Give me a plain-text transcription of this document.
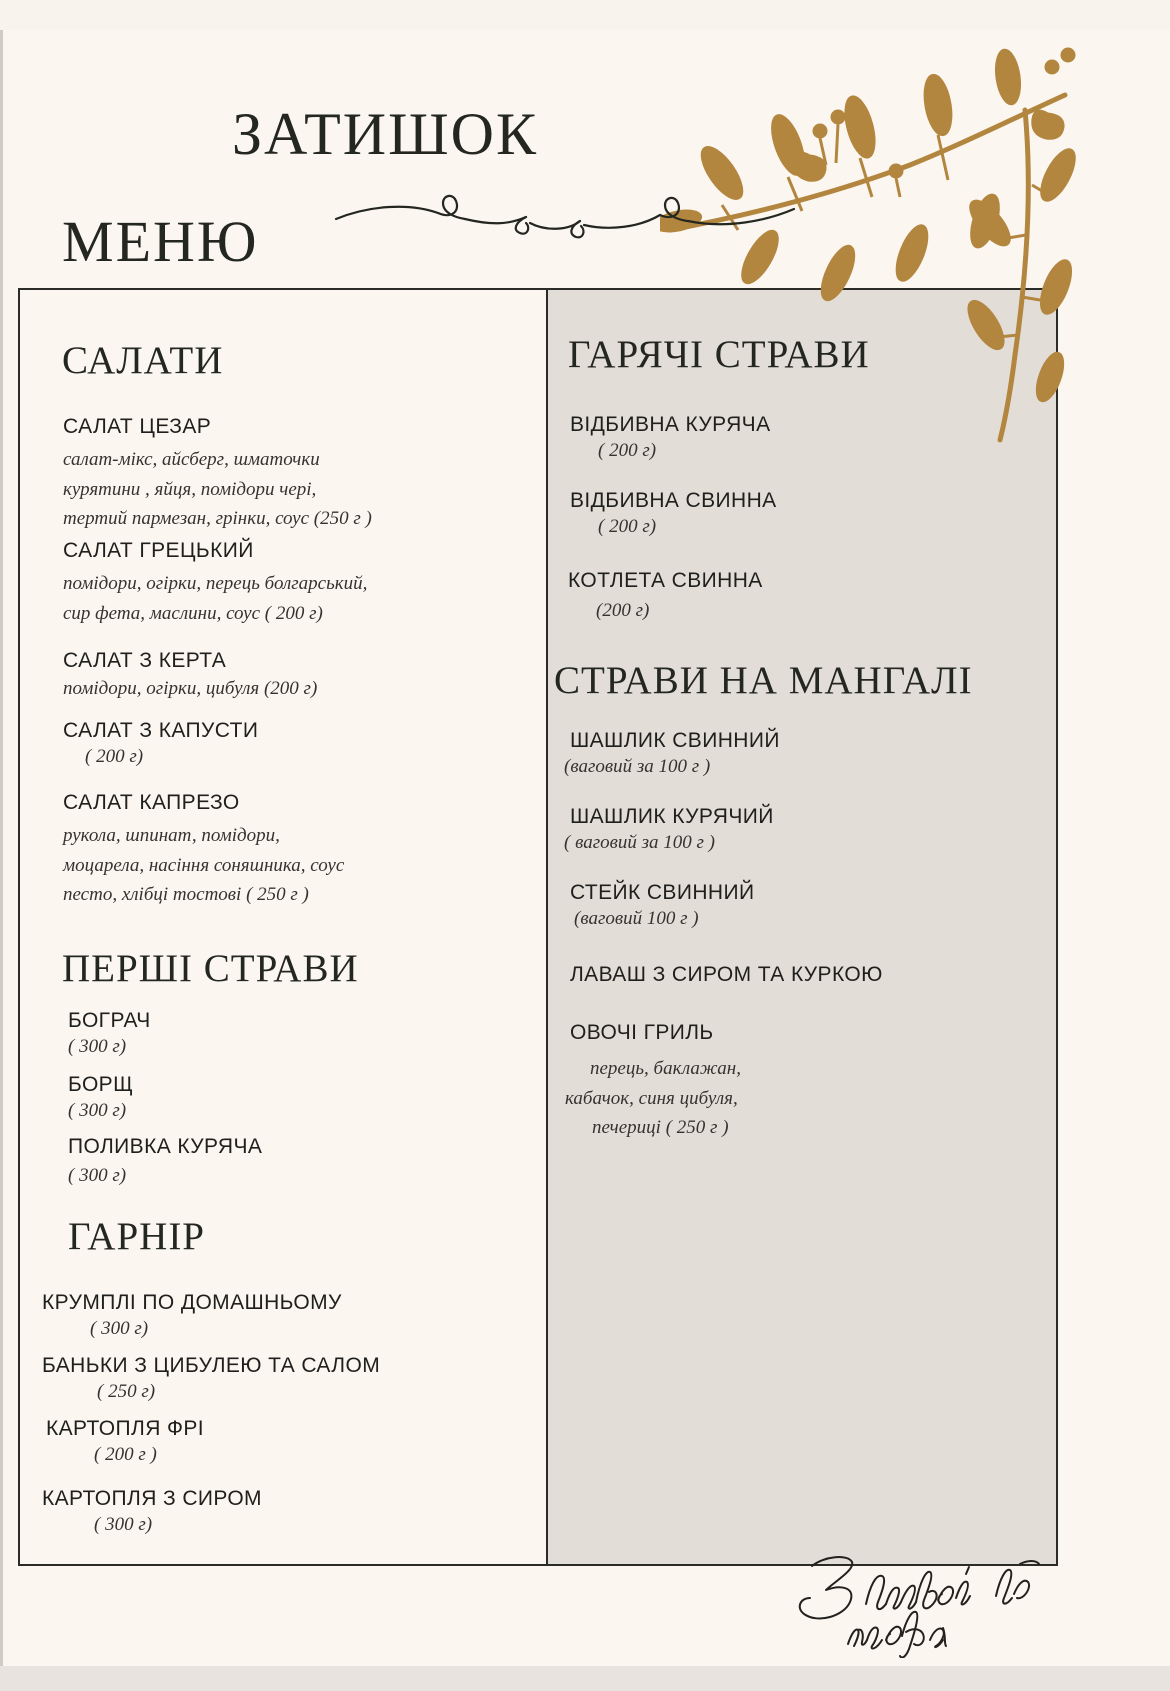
ЗАТИШОК
МЕНЮ
САЛАТИ
САЛАТ ЦЕЗАР
салат-мікс, айсберг, шматочки
курятини , яйця, помідори чері,
тертий пармезан, грінки, соус (250 г )
САЛАТ ГРЕЦЬКИЙ
помідори, огірки, перець болгарський,
сир фета, маслини, соус ( 200 г)
САЛАТ З КЕРТА
помідори, огірки, цибуля (200 г)
САЛАТ З КАПУСТИ
( 200 г)
САЛАТ КАПРЕЗО
рукола, шпинат, помідори,
моцарела, насіння соняшника, соус
песто, хлібці тостові ( 250 г )
ПЕРШІ СТРАВИ
БОГРАЧ
( 300 г)
БОРЩ
( 300 г)
ПОЛИВКА КУРЯЧА
( 300 г)
ГАРНІР
КРУМПЛІ ПО ДОМАШНЬОМУ
( 300 г)
БАНЬКИ З ЦИБУЛЕЮ ТА САЛОМ
( 250 г)
КАРТОПЛЯ ФРІ
( 200 г )
КАРТОПЛЯ З СИРОМ
( 300 г)
ГАРЯЧІ СТРАВИ
ВІДБИВНА КУРЯЧА
( 200 г)
ВІДБИВНА СВИННА
( 200 г)
КОТЛЕТА СВИННА
(200 г)
СТРАВИ НА МАНГАЛІ
ШАШЛИК СВИННИЙ
(ваговий за 100 г )
ШАШЛИК КУРЯЧИЙ
( ваговий за 100 г )
СТЕЙК СВИННИЙ
(ваговий 100 г )
ЛАВАШ З СИРОМ ТА КУРКОЮ
ОВОЧІ ГРИЛЬ
перець, баклажан,
кабачок, синя цибуля,
печериці ( 250 г )
